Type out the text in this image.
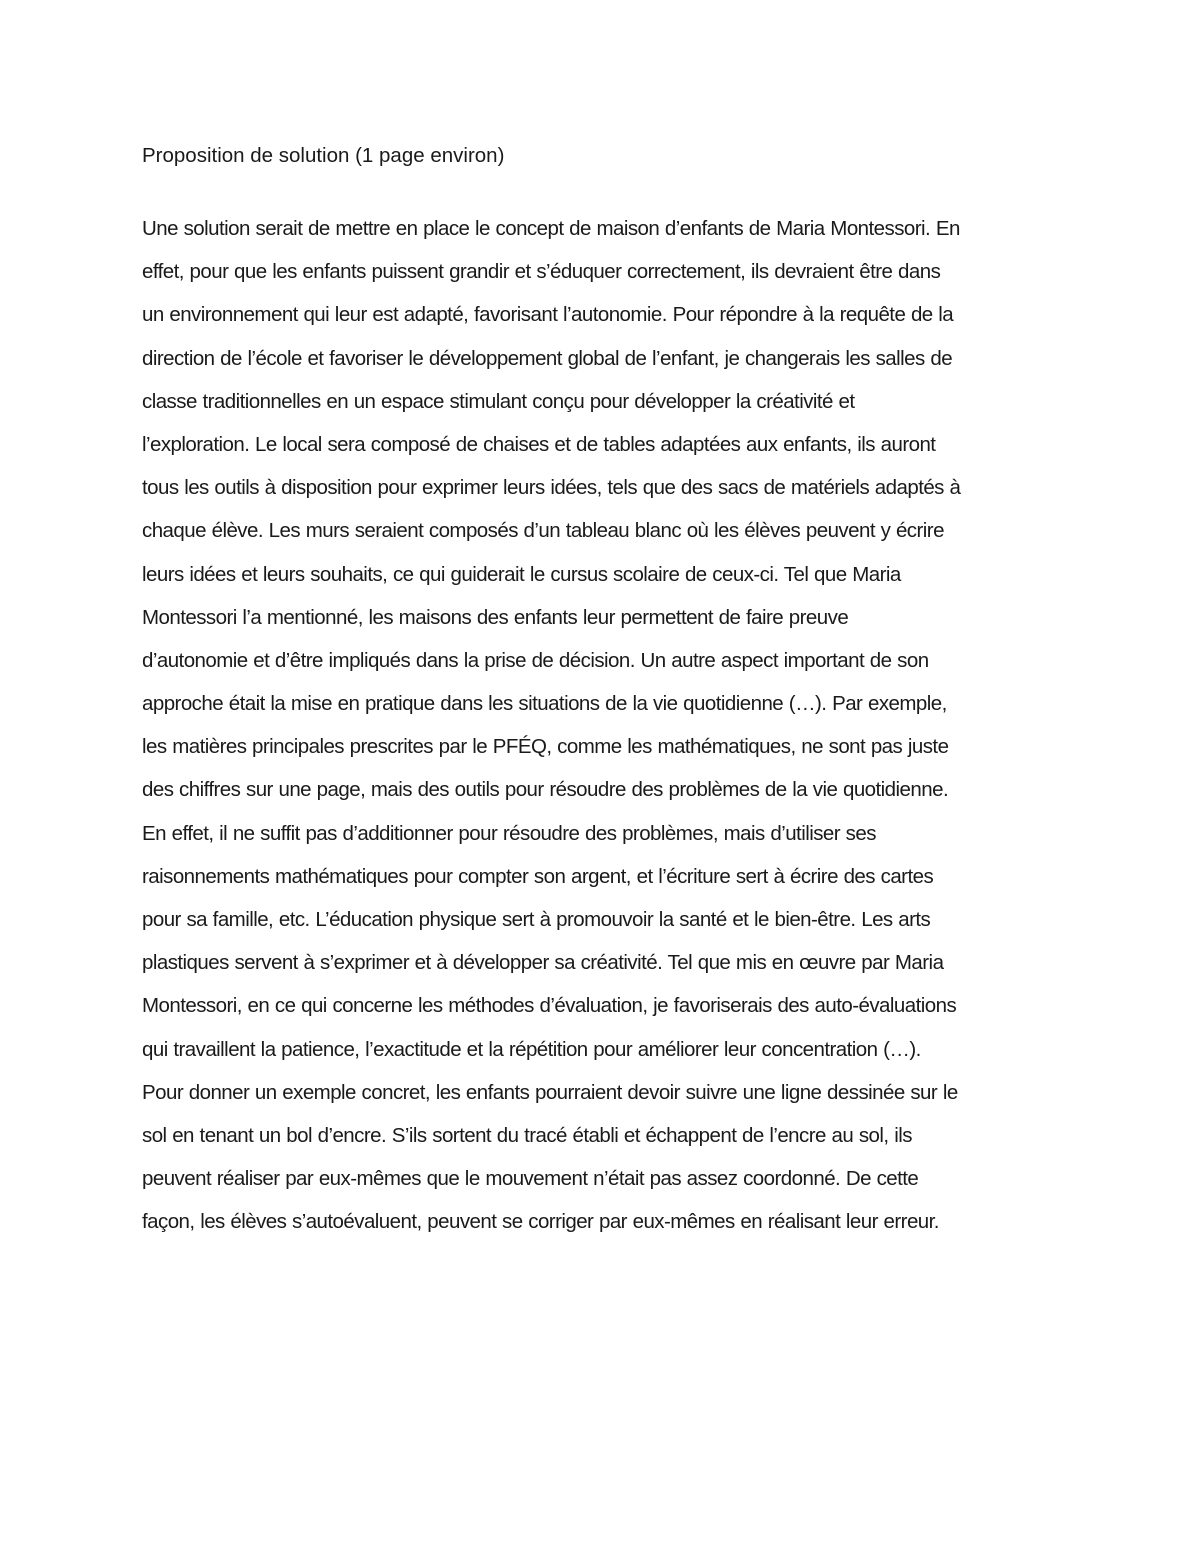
Proposition de solution (1 page environ)
Une solution serait de mettre en place le concept de maison d’enfants de Maria Montessori. En
effet, pour que les enfants puissent grandir et s’éduquer correctement, ils devraient être dans
un environnement qui leur est adapté, favorisant l’autonomie. Pour répondre à la requête de la
direction de l’école et favoriser le développement global de l’enfant, je changerais les salles de
classe traditionnelles en un espace stimulant conçu pour développer la créativité et
l’exploration. Le local sera composé de chaises et de tables adaptées aux enfants, ils auront
tous les outils à disposition pour exprimer leurs idées, tels que des sacs de matériels adaptés à
chaque élève. Les murs seraient composés d’un tableau blanc où les élèves peuvent y écrire
leurs idées et leurs souhaits, ce qui guiderait le cursus scolaire de ceux-ci. Tel que Maria
Montessori l’a mentionné, les maisons des enfants leur permettent de faire preuve
d’autonomie et d’être impliqués dans la prise de décision. Un autre aspect important de son
approche était la mise en pratique dans les situations de la vie quotidienne (…). Par exemple,
les matières principales prescrites par le PFÉQ, comme les mathématiques, ne sont pas juste
des chiffres sur une page, mais des outils pour résoudre des problèmes de la vie quotidienne.
En effet, il ne suffit pas d’additionner pour résoudre des problèmes, mais d’utiliser ses
raisonnements mathématiques pour compter son argent, et l’écriture sert à écrire des cartes
pour sa famille, etc. L’éducation physique sert à promouvoir la santé et le bien-être. Les arts
plastiques servent à s’exprimer et à développer sa créativité. Tel que mis en œuvre par Maria
Montessori, en ce qui concerne les méthodes d’évaluation, je favoriserais des auto-évaluations
qui travaillent la patience, l’exactitude et la répétition pour améliorer leur concentration (…).
Pour donner un exemple concret, les enfants pourraient devoir suivre une ligne dessinée sur le
sol en tenant un bol d’encre. S’ils sortent du tracé établi et échappent de l’encre au sol, ils
peuvent réaliser par eux-mêmes que le mouvement n’était pas assez coordonné. De cette
façon, les élèves s’autoévaluent, peuvent se corriger par eux-mêmes en réalisant leur erreur.
